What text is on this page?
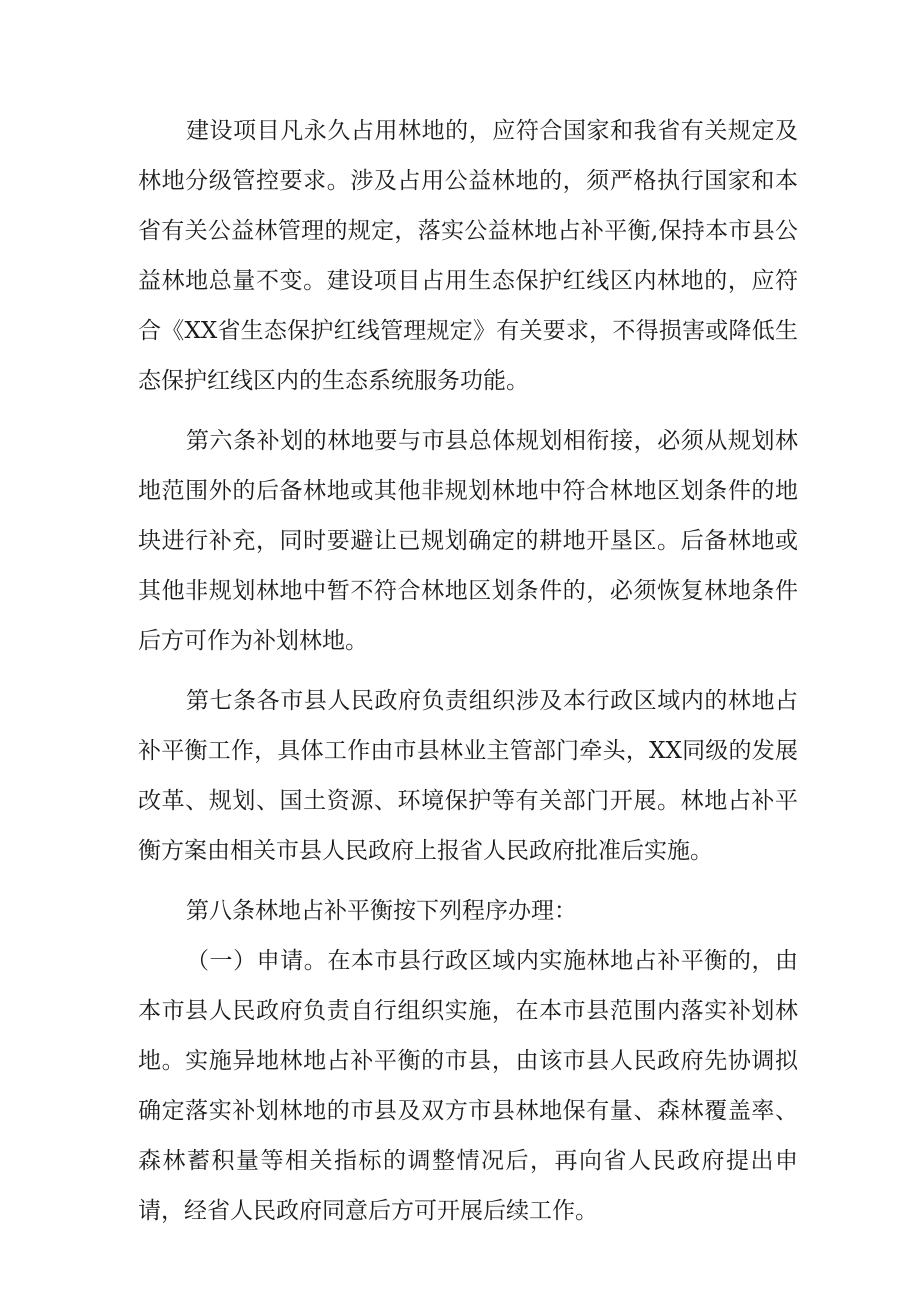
建设项目凡永久占用林地的，应符合国家和我省有关规定及
林地分级管控要求。涉及占用公益林地的，须严格执行国家和本
省有关公益林管理的规定，落实公益林地占补平衡,保持本市县公
益林地总量不变。建设项目占用生态保护红线区内林地的，应符
合《XX省生态保护红线管理规定》有关要求，不得损害或降低生
态保护红线区内的生态系统服务功能。
第六条补划的林地要与市县总体规划相衔接，必须从规划林
地范围外的后备林地或其他非规划林地中符合林地区划条件的地
块进行补充，同时要避让已规划确定的耕地开垦区。后备林地或
其他非规划林地中暂不符合林地区划条件的，必须恢复林地条件
后方可作为补划林地。
第七条各市县人民政府负责组织涉及本行政区域内的林地占
补平衡工作，具体工作由市县林业主管部门牵头，XX同级的发展
改革、规划、国土资源、环境保护等有关部门开展。林地占补平
衡方案由相关市县人民政府上报省人民政府批准后实施。
第八条林地占补平衡按下列程序办理：
（一）申请。在本市县行政区域内实施林地占补平衡的，由
本市县人民政府负责自行组织实施，在本市县范围内落实补划林
地。实施异地林地占补平衡的市县，由该市县人民政府先协调拟
确定落实补划林地的市县及双方市县林地保有量、森林覆盖率、
森林蓄积量等相关指标的调整情况后，再向省人民政府提出申
请，经省人民政府同意后方可开展后续工作。
